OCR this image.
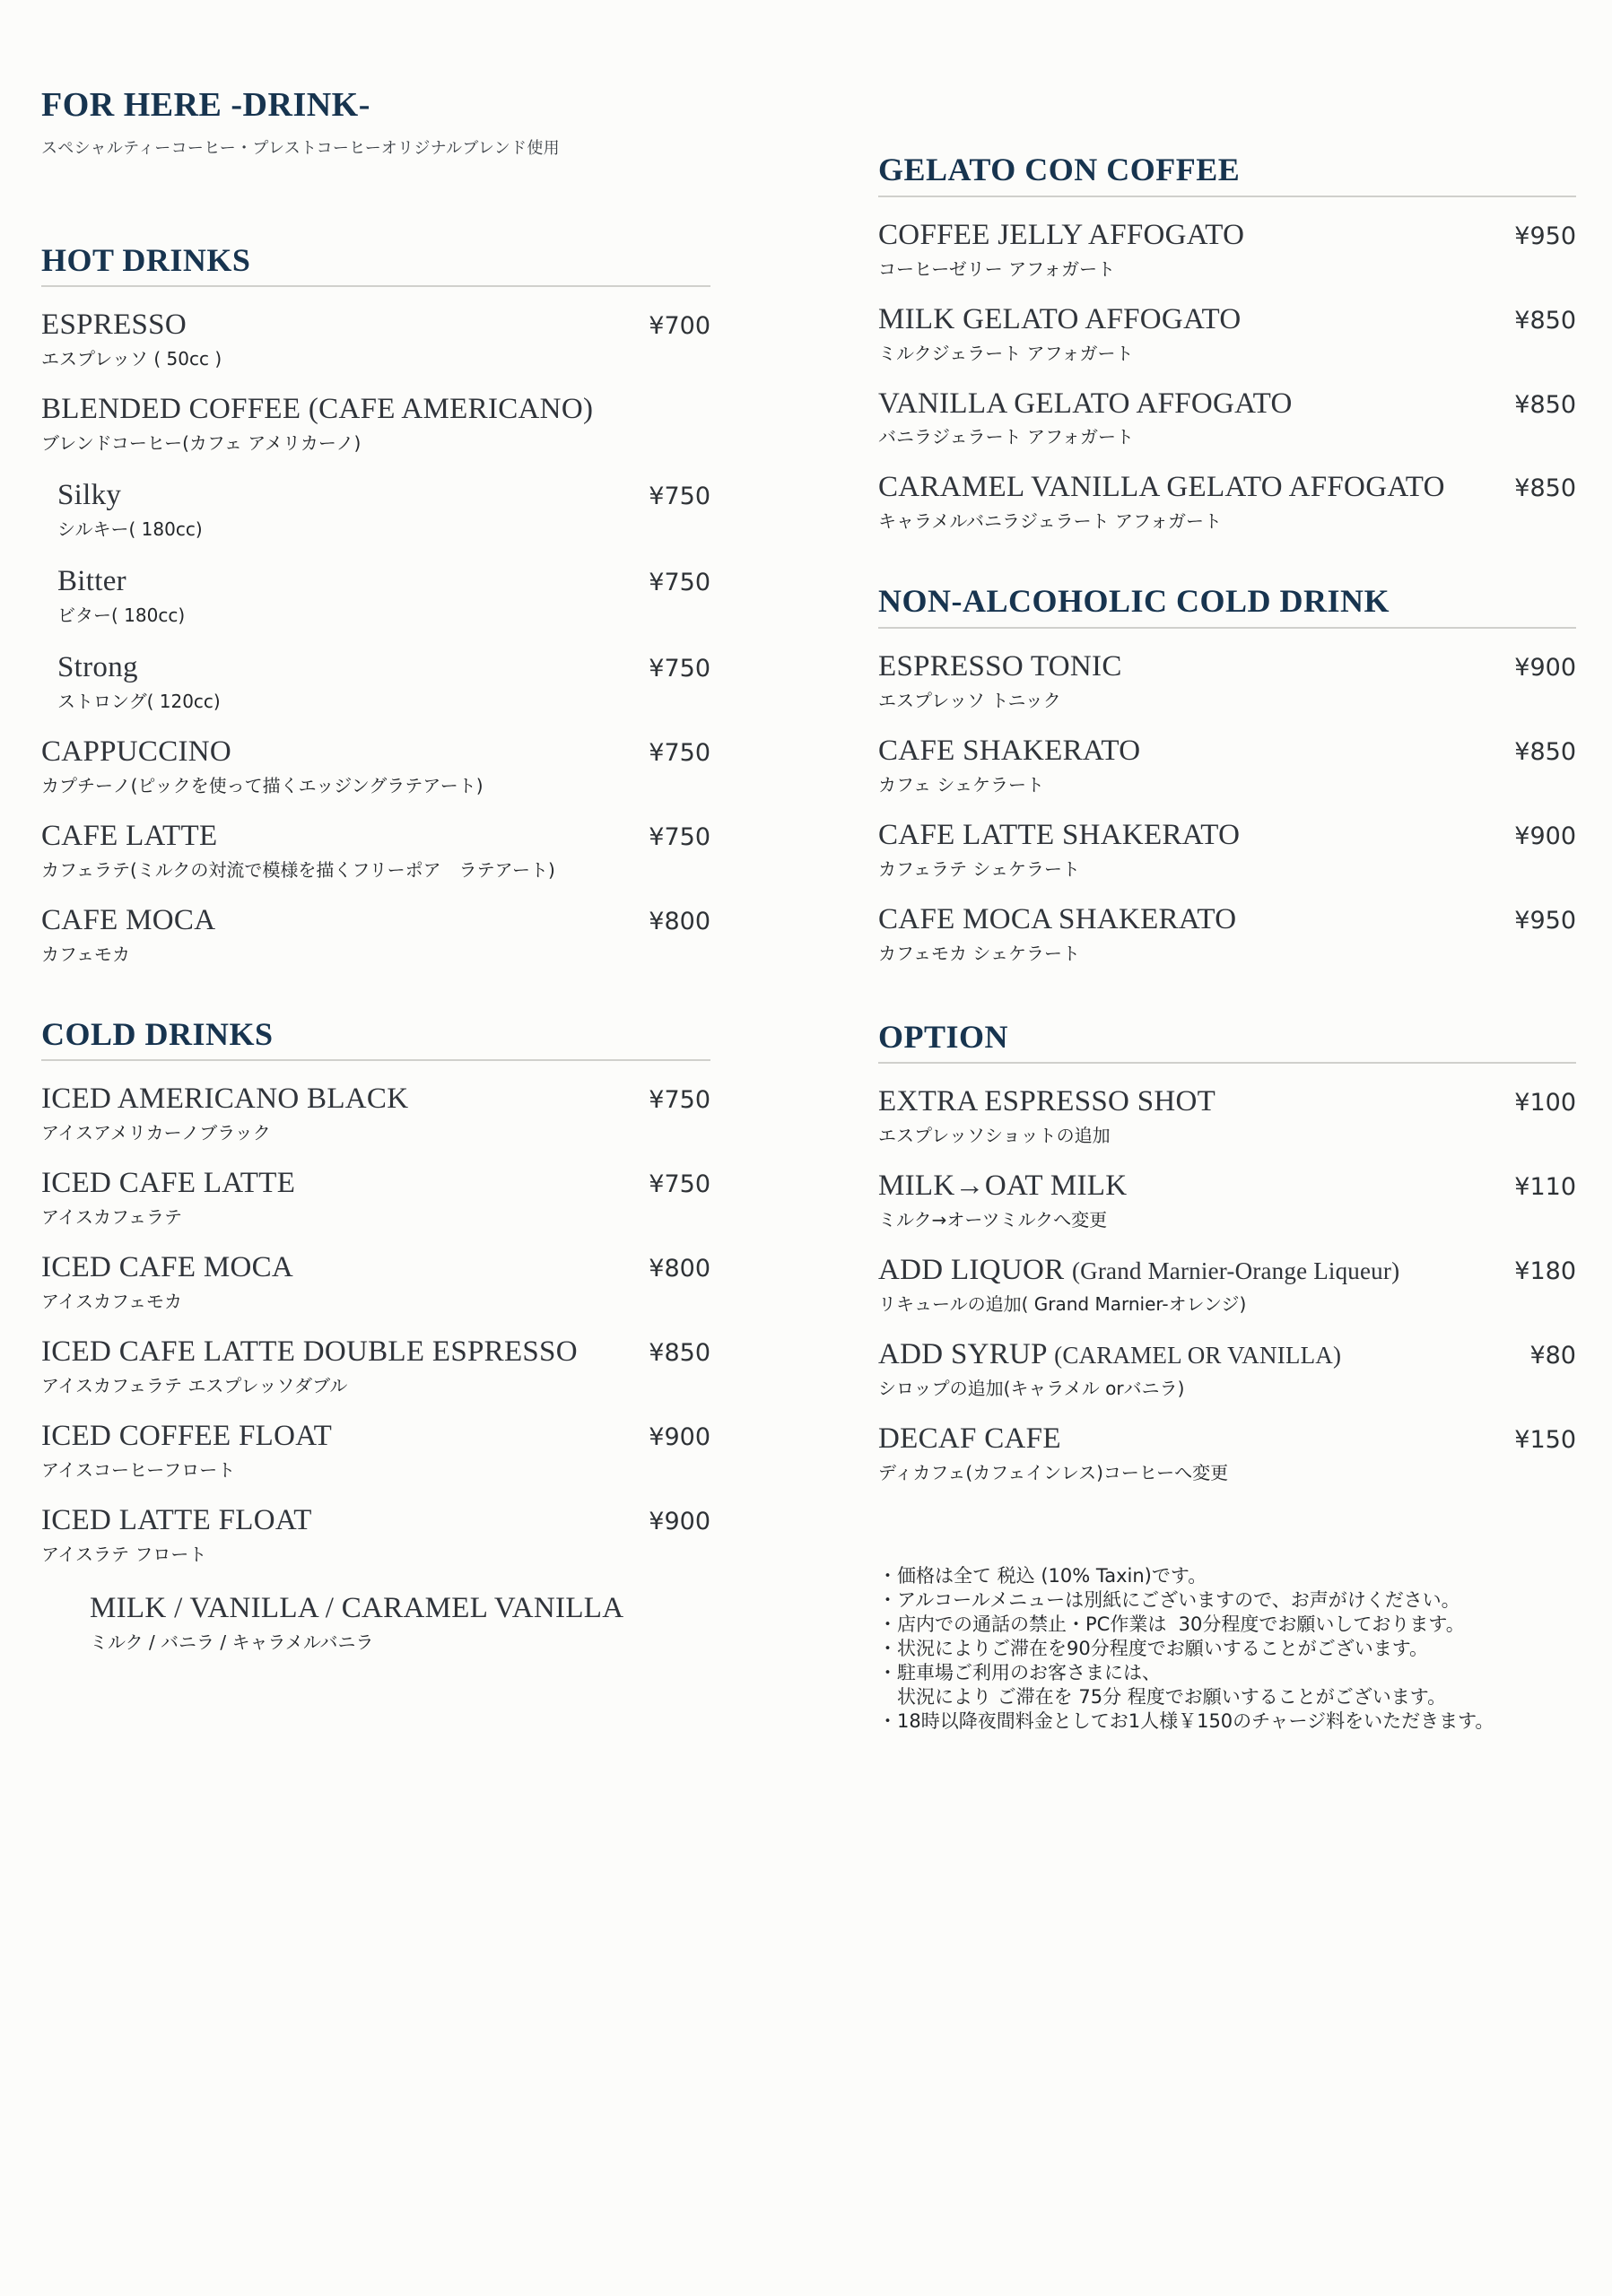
FOR HERE -DRINK-

スペシャルティーコーヒー・プレストコーヒーオリジナルブレンド使用

HOT DRINKS
ESPRESSO	¥700
エスプレッソ ( 50cc )
BLENDED COFFEE (CAFE AMERICANO)
ブレンドコーヒー(カフェ アメリカーノ)
Silky	¥750
シルキー( 180cc)
Bitter	¥750
ビター( 180cc)
Strong	¥750
ストロング( 120cc)
CAPPUCCINO	¥750
カプチーノ(ピックを使って描くエッジングラテアート)
CAFE LATTE	¥750
カフェラテ(ミルクの対流で模様を描くフリーポア　ラテアート)
CAFE MOCA	¥800
カフェモカ
COLD DRINKS
ICED AMERICANO BLACK	¥750
アイスアメリカーノブラック
ICED CAFE LATTE	¥750
アイスカフェラテ
ICED CAFE MOCA	¥800
アイスカフェモカ
ICED CAFE LATTE DOUBLE ESPRESSO	¥850
アイスカフェラテ エスプレッソダブル
ICED COFFEE FLOAT	¥900
アイスコーヒーフロート
ICED LATTE FLOAT	¥900
アイスラテ フロート
MILK / VANILLA / CARAMEL VANILLA
ミルク / バニラ / キャラメルバニラ
GELATO CON COFFEE
COFFEE JELLY AFFOGATO	¥950
コーヒーゼリー アフォガート
MILK GELATO AFFOGATO	¥850
ミルクジェラート アフォガート
VANILLA GELATO AFFOGATO	¥850
バニラジェラート アフォガート
CARAMEL VANILLA GELATO AFFOGATO	¥850
キャラメルバニラジェラート アフォガート
NON-ALCOHOLIC COLD DRINK
ESPRESSO TONIC	¥900
エスプレッソ トニック
CAFE SHAKERATO	¥850
カフェ シェケラート
CAFE LATTE SHAKERATO	¥900
カフェラテ シェケラート
CAFE MOCA SHAKERATO	¥950
カフェモカ シェケラート
OPTION
EXTRA ESPRESSO SHOT	¥100
エスプレッソショットの追加
MILK→OAT MILK	¥110
ミルク→オーツミルクへ変更
ADD LIQUOR (Grand Marnier-Orange Liqueur)	¥180
リキュールの追加( Grand Marnier-オレンジ)
ADD SYRUP (CARAMEL OR VANILLA)	¥80
シロップの追加(キャラメル orバニラ)
DECAF CAFE	¥150
ディカフェ(カフェインレス)コーヒーへ変更
・価格は全て 税込 (10% Taxin)です。
・アルコールメニューは別紙にございますので、お声がけください。
・店内での通話の禁止・PC作業は  30分程度でお願いしております。
・状況によりご滞在を90分程度でお願いすることがございます。
・駐車場ご利用のお客さまには、
　状況により ご滞在を 75分 程度でお願いすることがございます。
・18時以降夜間料金としてお1人様￥150のチャージ料をいただきます。
